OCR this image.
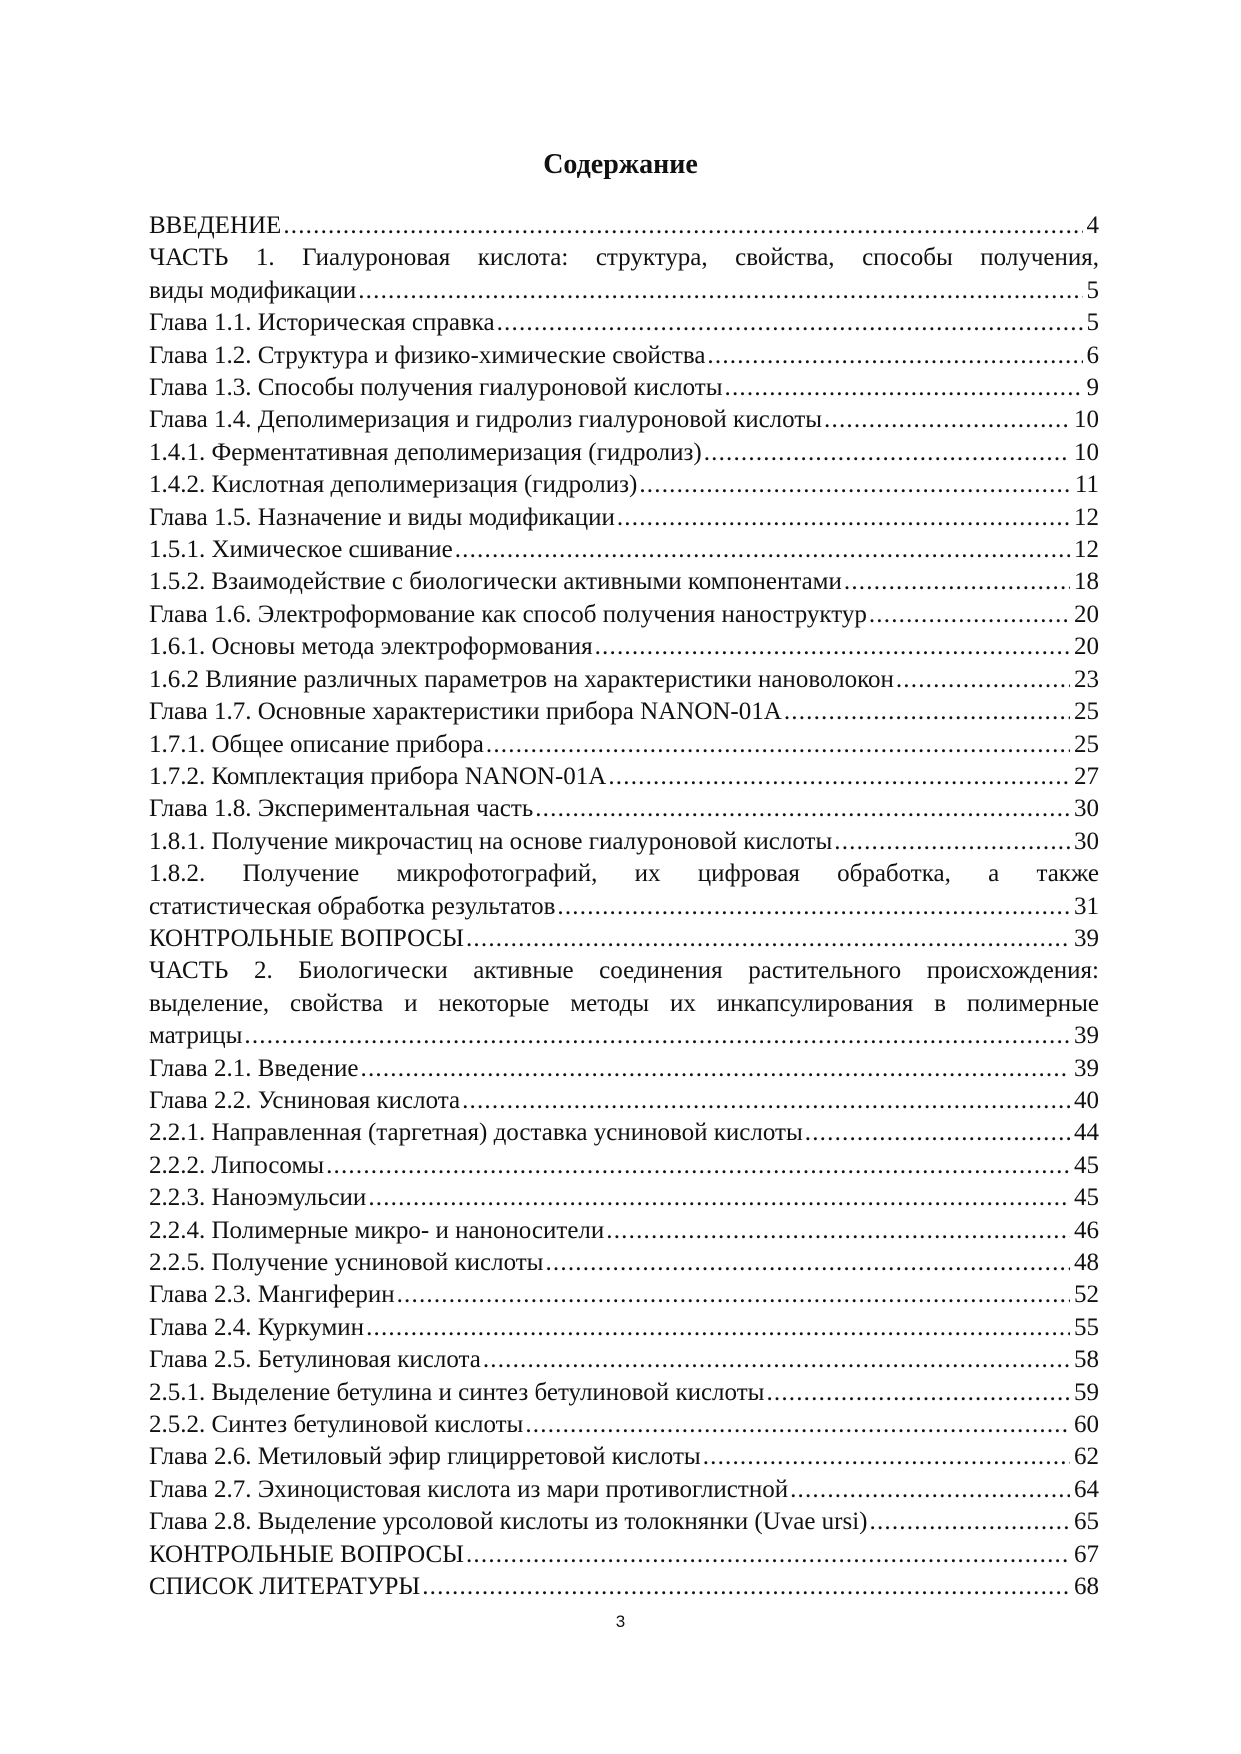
Содержание
ВВЕДЕНИЕ .....	4
ЧАСТЬ 1. Гиалуроновая кислота: структура, свойства, способы получения,
виды модификации .....	5
Глава 1.1. Историческая справка .....	5
Глава 1.2. Структура и физико-химические свойства .....	6
Глава 1.3. Способы получения гиалуроновой кислоты .....	9
Глава 1.4. Деполимеризация и гидролиз гиалуроновой кислоты .....	10
1.4.1. Ферментативная деполимеризация (гидролиз) .....	10
1.4.2. Кислотная деполимеризация (гидролиз) .....	11
Глава 1.5. Назначение и виды модификации .....	12
1.5.1. Химическое сшивание .....	12
1.5.2. Взаимодействие с биологически активными компонентами .....	18
Глава 1.6. Электроформование как способ получения наноструктур .....	20
1.6.1. Основы метода электроформования .....	20
1.6.2 Влияние различных параметров на характеристики нановолокон .....	23
Глава 1.7. Основные характеристики прибора NANON-01A .....	25
1.7.1. Общее описание прибора .....	25
1.7.2. Комплектация прибора NANON-01A .....	27
Глава 1.8. Экспериментальная часть .....	30
1.8.1. Получение микрочастиц на основе гиалуроновой кислоты .....	30
1.8.2. Получение микрофотографий, их цифровая обработка, а также
статистическая обработка результатов .....	31
КОНТРОЛЬНЫЕ ВОПРОСЫ .....	39
ЧАСТЬ 2. Биологически активные соединения растительного происхождения:
выделение, свойства и некоторые методы их инкапсулирования в полимерные
матрицы .....	39
Глава 2.1. Введение .....	39
Глава 2.2. Усниновая кислота .....	40
2.2.1. Направленная (таргетная) доставка усниновой кислоты .....	44
2.2.2. Липосомы .....	45
2.2.3. Наноэмульсии .....	45
2.2.4. Полимерные микро- и наноносители .....	46
2.2.5. Получение усниновой кислоты .....	48
Глава 2.3. Мангиферин .....	52
Глава 2.4. Куркумин .....	55
Глава 2.5. Бетулиновая кислота .....	58
2.5.1. Выделение бетулина и синтез бетулиновой кислоты .....	59
2.5.2. Синтез бетулиновой кислоты .....	60
Глава 2.6. Метиловый эфир глицирретовой кислоты .....	62
Глава 2.7. Эхиноцистовая кислота из мари противоглистной .....	64
Глава 2.8. Выделение урсоловой кислоты из толокнянки (Uvae ursi) .....	65
КОНТРОЛЬНЫЕ ВОПРОСЫ .....	67
СПИСОК ЛИТЕРАТУРЫ .....	68
3
